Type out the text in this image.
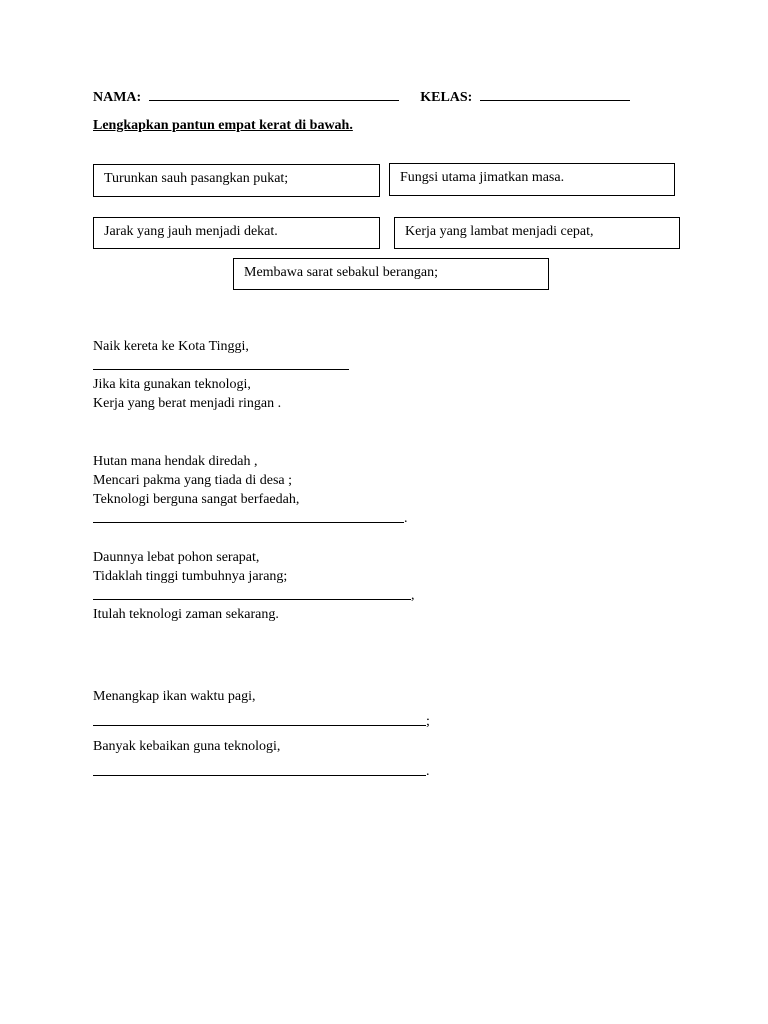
NAMA:	KELAS:
Lengkapkan pantun empat kerat di bawah.
Turunkan sauh pasangkan pukat;	Fungsi utama jimatkan masa.
Jarak yang jauh menjadi dekat.	Kerja yang lambat menjadi cepat,
Membawa sarat sebakul berangan;
Naik kereta ke Kota Tinggi,
Jika kita gunakan teknologi,
Kerja yang berat menjadi ringan .
Hutan mana hendak diredah ,
Mencari pakma yang tiada di desa ;
Teknologi berguna sangat berfaedah,
.
Daunnya lebat pohon serapat,
Tidaklah tinggi tumbuhnya jarang;
,
Itulah teknologi zaman sekarang.
Menangkap ikan waktu pagi,
;
Banyak kebaikan guna teknologi,
.
